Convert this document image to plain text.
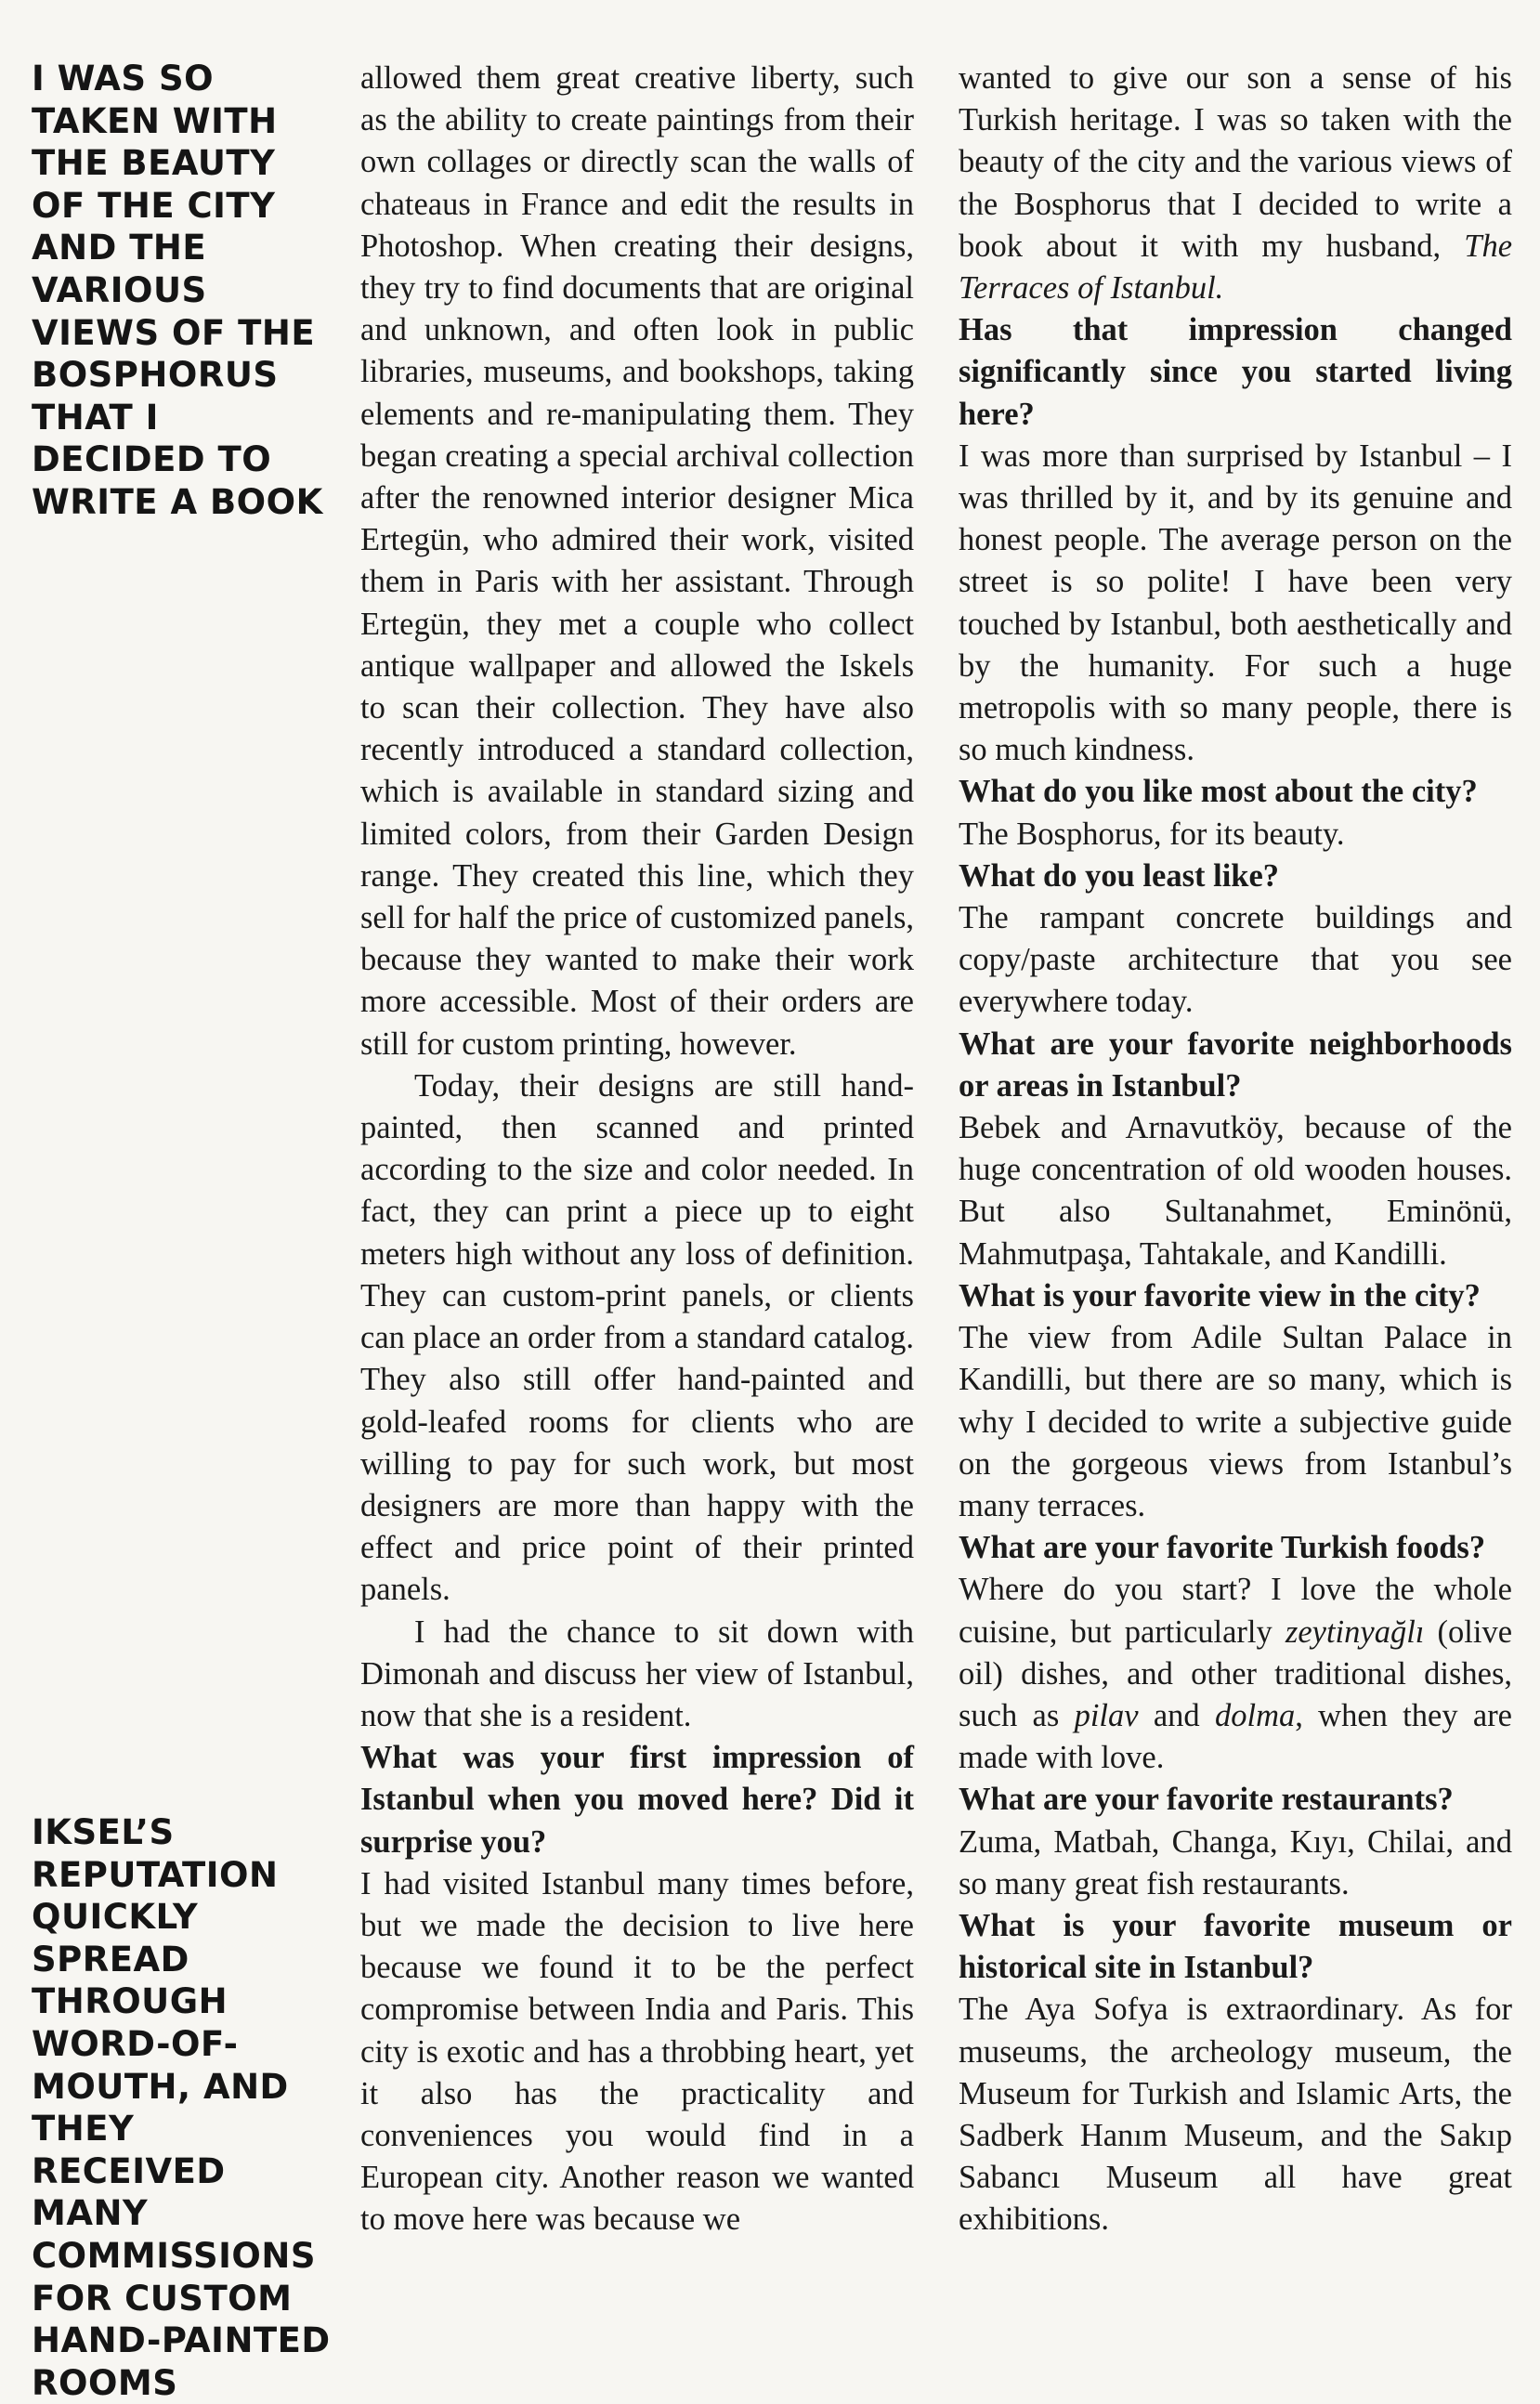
I WAS SO TAKEN WITH THE BEAUTY OF THE CITY AND THE VARIOUS VIEWS OF THE BOSPHORUS THAT I DECIDED TO WRITE A BOOK
IKSEL’S REPUTATION QUICKLY SPREAD THROUGH WORD-OF-MOUTH, AND THEY RECEIVED MANY COMMISSIONS FOR CUSTOM HAND-PAINTED ROOMS

allowed them great creative liberty, such as the ability to create paintings from their own collages or directly scan the walls of chateaus in France and edit the results in Photoshop. When creating their designs, they try to find documents that are original and unknown, and often look in public libraries, museums, and bookshops, taking elements and re-manipulating them. They began creating a special archival collection after the renowned interior designer Mica Ertegün, who admired their work, visited them in Paris with her assistant. Through Ertegün, they met a couple who collect antique wallpaper and allowed the Iskels to scan their collection. They have also recently introduced a standard collection, which is available in standard sizing and limited colors, from their Garden Design range. They created this line, which they sell for half the price of customized panels, because they wanted to make their work more accessible. Most of their orders are still for custom printing, however.

Today, their designs are still hand-painted, then scanned and printed according to the size and color needed. In fact, they can print a piece up to eight meters high without any loss of definition. They can custom-print panels, or clients can place an order from a standard catalog. They also still offer hand-painted and gold-leafed rooms for clients who are willing to pay for such work, but most designers are more than happy with the effect and price point of their printed panels.

I had the chance to sit down with Dimonah and discuss her view of Istanbul, now that she is a resident.

What was your first impression of Istanbul when you moved here? Did it surprise you?

I had visited Istanbul many times before, but we made the decision to live here because we found it to be the perfect compromise between India and Paris. This city is exotic and has a throbbing heart, yet it also has the practicality and conveniences you would find in a European city. Another reason we wanted to move here was because we

wanted to give our son a sense of his Turkish heritage. I was so taken with the beauty of the city and the various views of the Bosphorus that I decided to write a book about it with my husband, The Terraces of Istanbul.

Has that impression changed significantly since you started living here?

I was more than surprised by Istanbul – I was thrilled by it, and by its genuine and honest people. The average person on the street is so polite! I have been very touched by Istanbul, both aesthetically and by the humanity. For such a huge metropolis with so many people, there is so much kindness.

What do you like most about the city?

The Bosphorus, for its beauty.

What do you least like?

The rampant concrete buildings and copy/paste architecture that you see everywhere today.

What are your favorite neighborhoods or areas in Istanbul?

Bebek and Arnavutköy, because of the huge concentration of old wooden houses. But also Sultanahmet, Eminönü, Mahmutpaşa, Tahtakale, and Kandilli.

What is your favorite view in the city?

The view from Adile Sultan Palace in Kandilli, but there are so many, which is why I decided to write a subjective guide on the gorgeous views from Istanbul’s many terraces.

What are your favorite Turkish foods?

Where do you start? I love the whole cuisine, but particularly zeytinyağlı (olive oil) dishes, and other traditional dishes, such as pilav and dolma, when they are made with love.

What are your favorite restaurants?

Zuma, Matbah, Changa, Kıyı, Chilai, and so many great fish restaurants.

What is your favorite museum or historical site in Istanbul?

The Aya Sofya is extraordinary. As for museums, the archeology museum, the Museum for Turkish and Islamic Arts, the Sadberk Hanım Museum, and the Sakıp Sabancı Museum all have great exhibitions.
